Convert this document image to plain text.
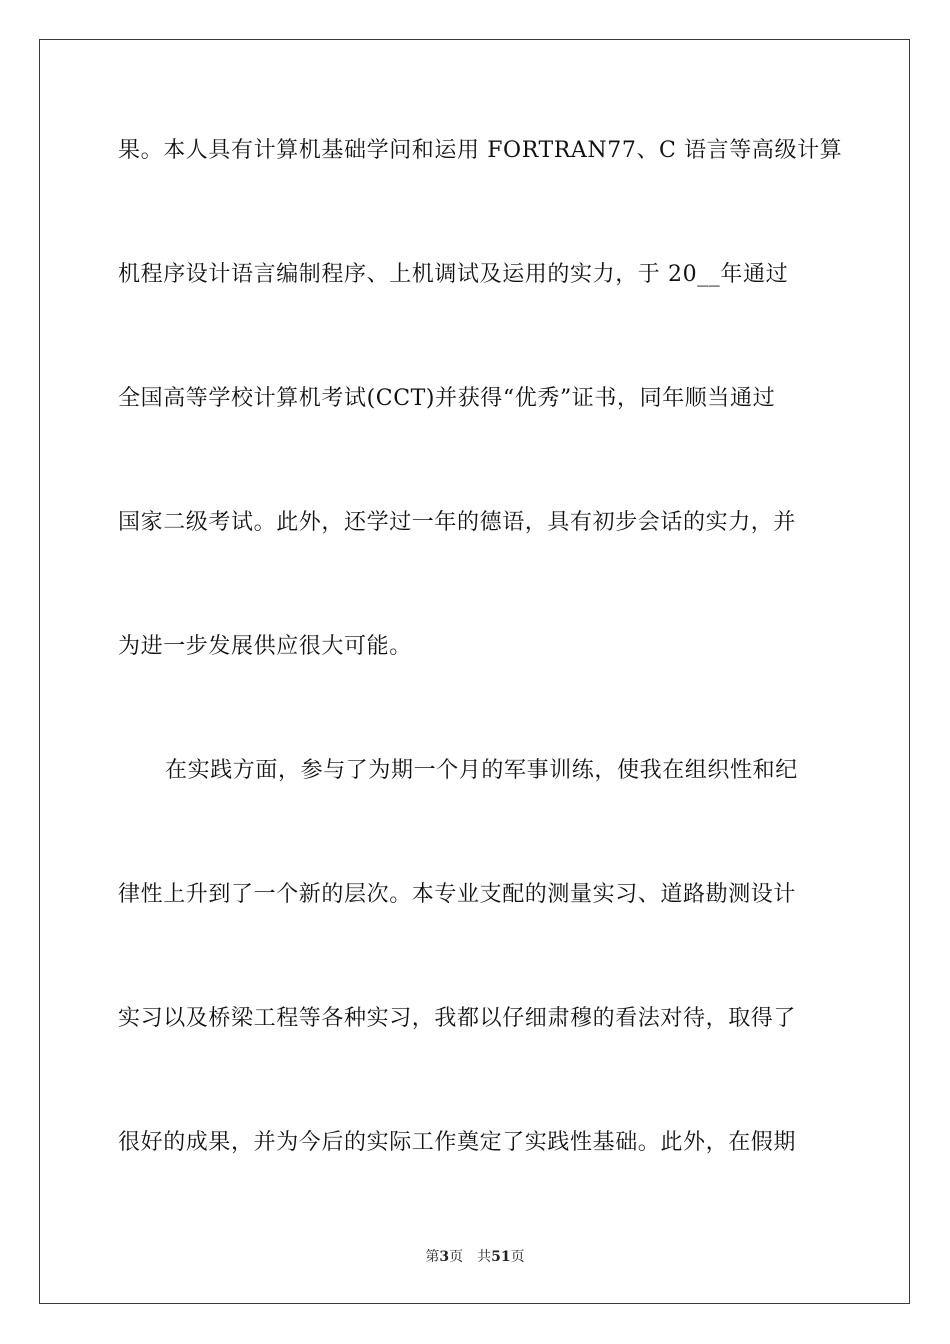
果。本人具有计算机基础学问和运用 FORTRAN77、C 语言等高级计算
机程序设计语言编制程序、上机调试及运用的实力，于 20__年通过
全国高等学校计算机考试(CCT)并获得“优秀”证书，同年顺当通过
国家二级考试。此外，还学过一年的德语，具有初步会话的实力，并
为进一步发展供应很大可能。
在实践方面，参与了为期一个月的军事训练，使我在组织性和纪
律性上升到了一个新的层次。本专业支配的测量实习、道路勘测设计
实习以及桥梁工程等各种实习，我都以仔细肃穆的看法对待，取得了
很好的成果，并为今后的实际工作奠定了实践性基础。此外，在假期
第3页 共51页
